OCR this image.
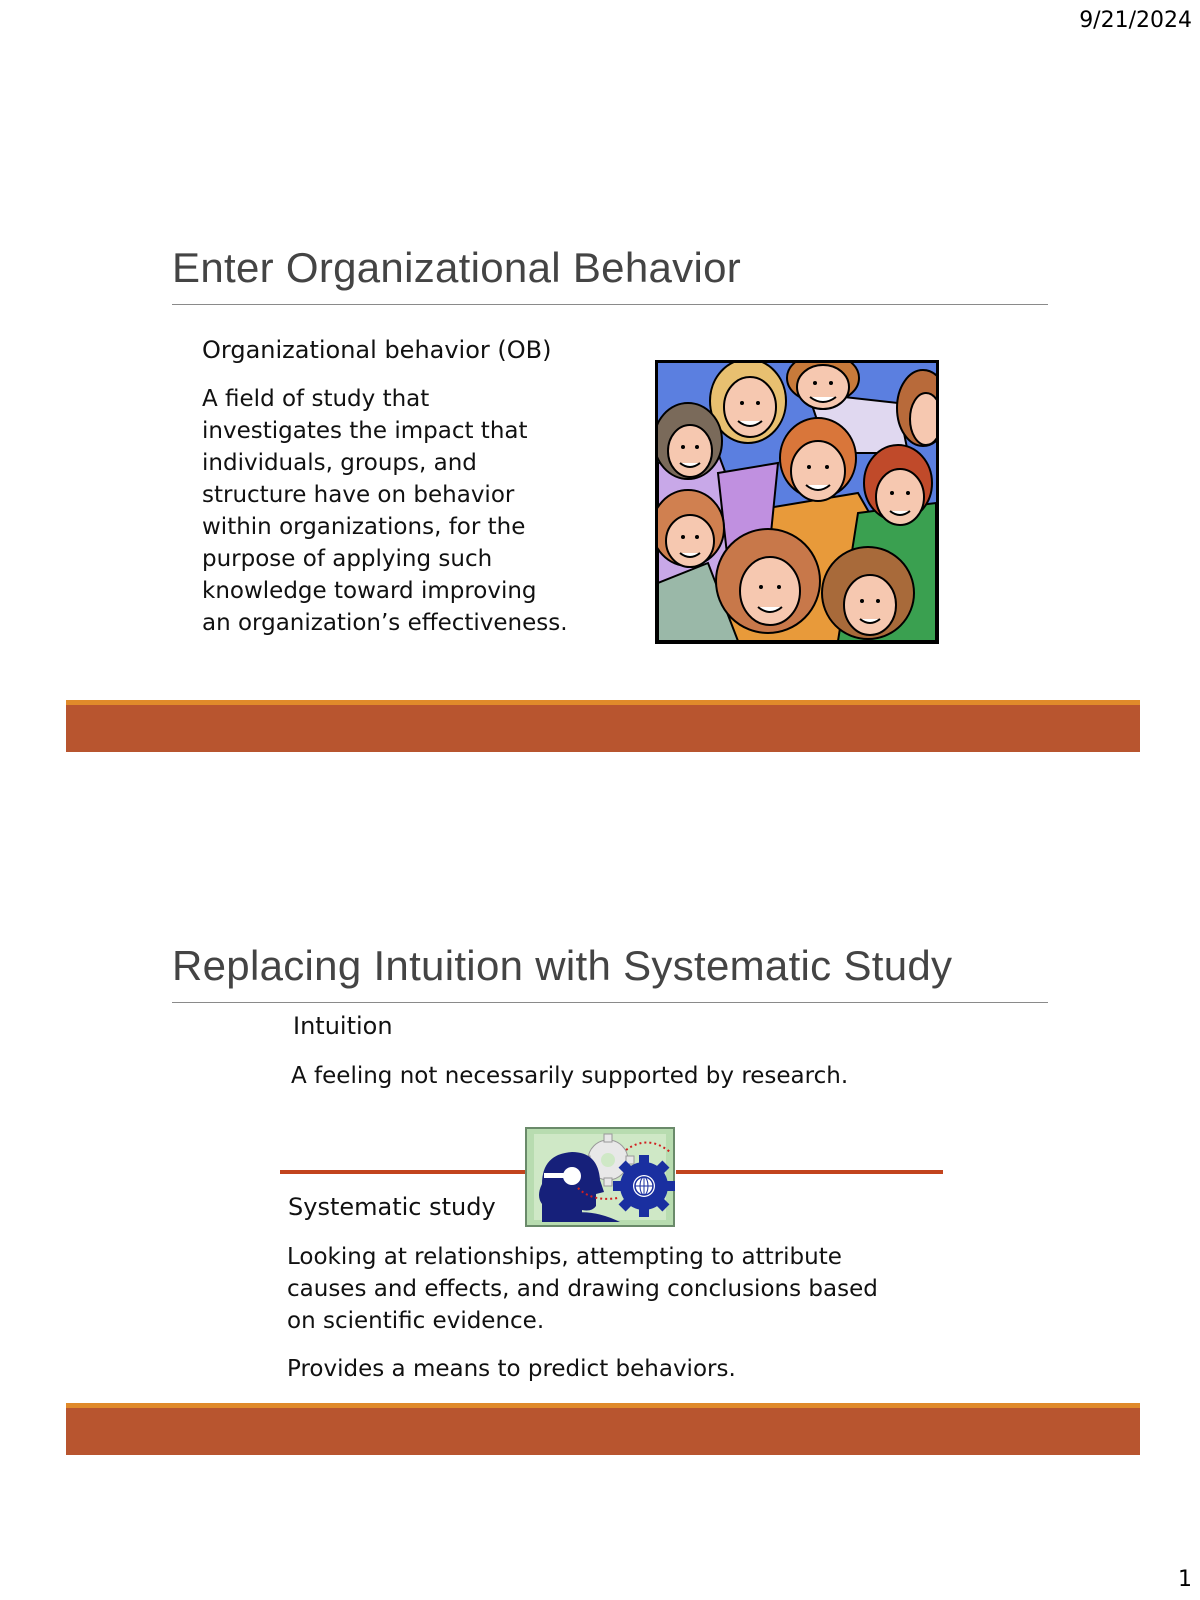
9/21/2024
Enter Organizational Behavior
Organizational behavior (OB)
A field of study that
investigates the impact that
individuals, groups, and
structure have on behavior
within organizations, for the
purpose of applying such
knowledge toward improving
an organization’s effectiveness.
Replacing Intuition with Systematic Study
Intuition
A feeling not necessarily supported by research.
Systematic study
Looking at relationships, attempting to attribute
causes and effects, and drawing conclusions based
on scientific evidence.
Provides a means to predict behaviors.
1
